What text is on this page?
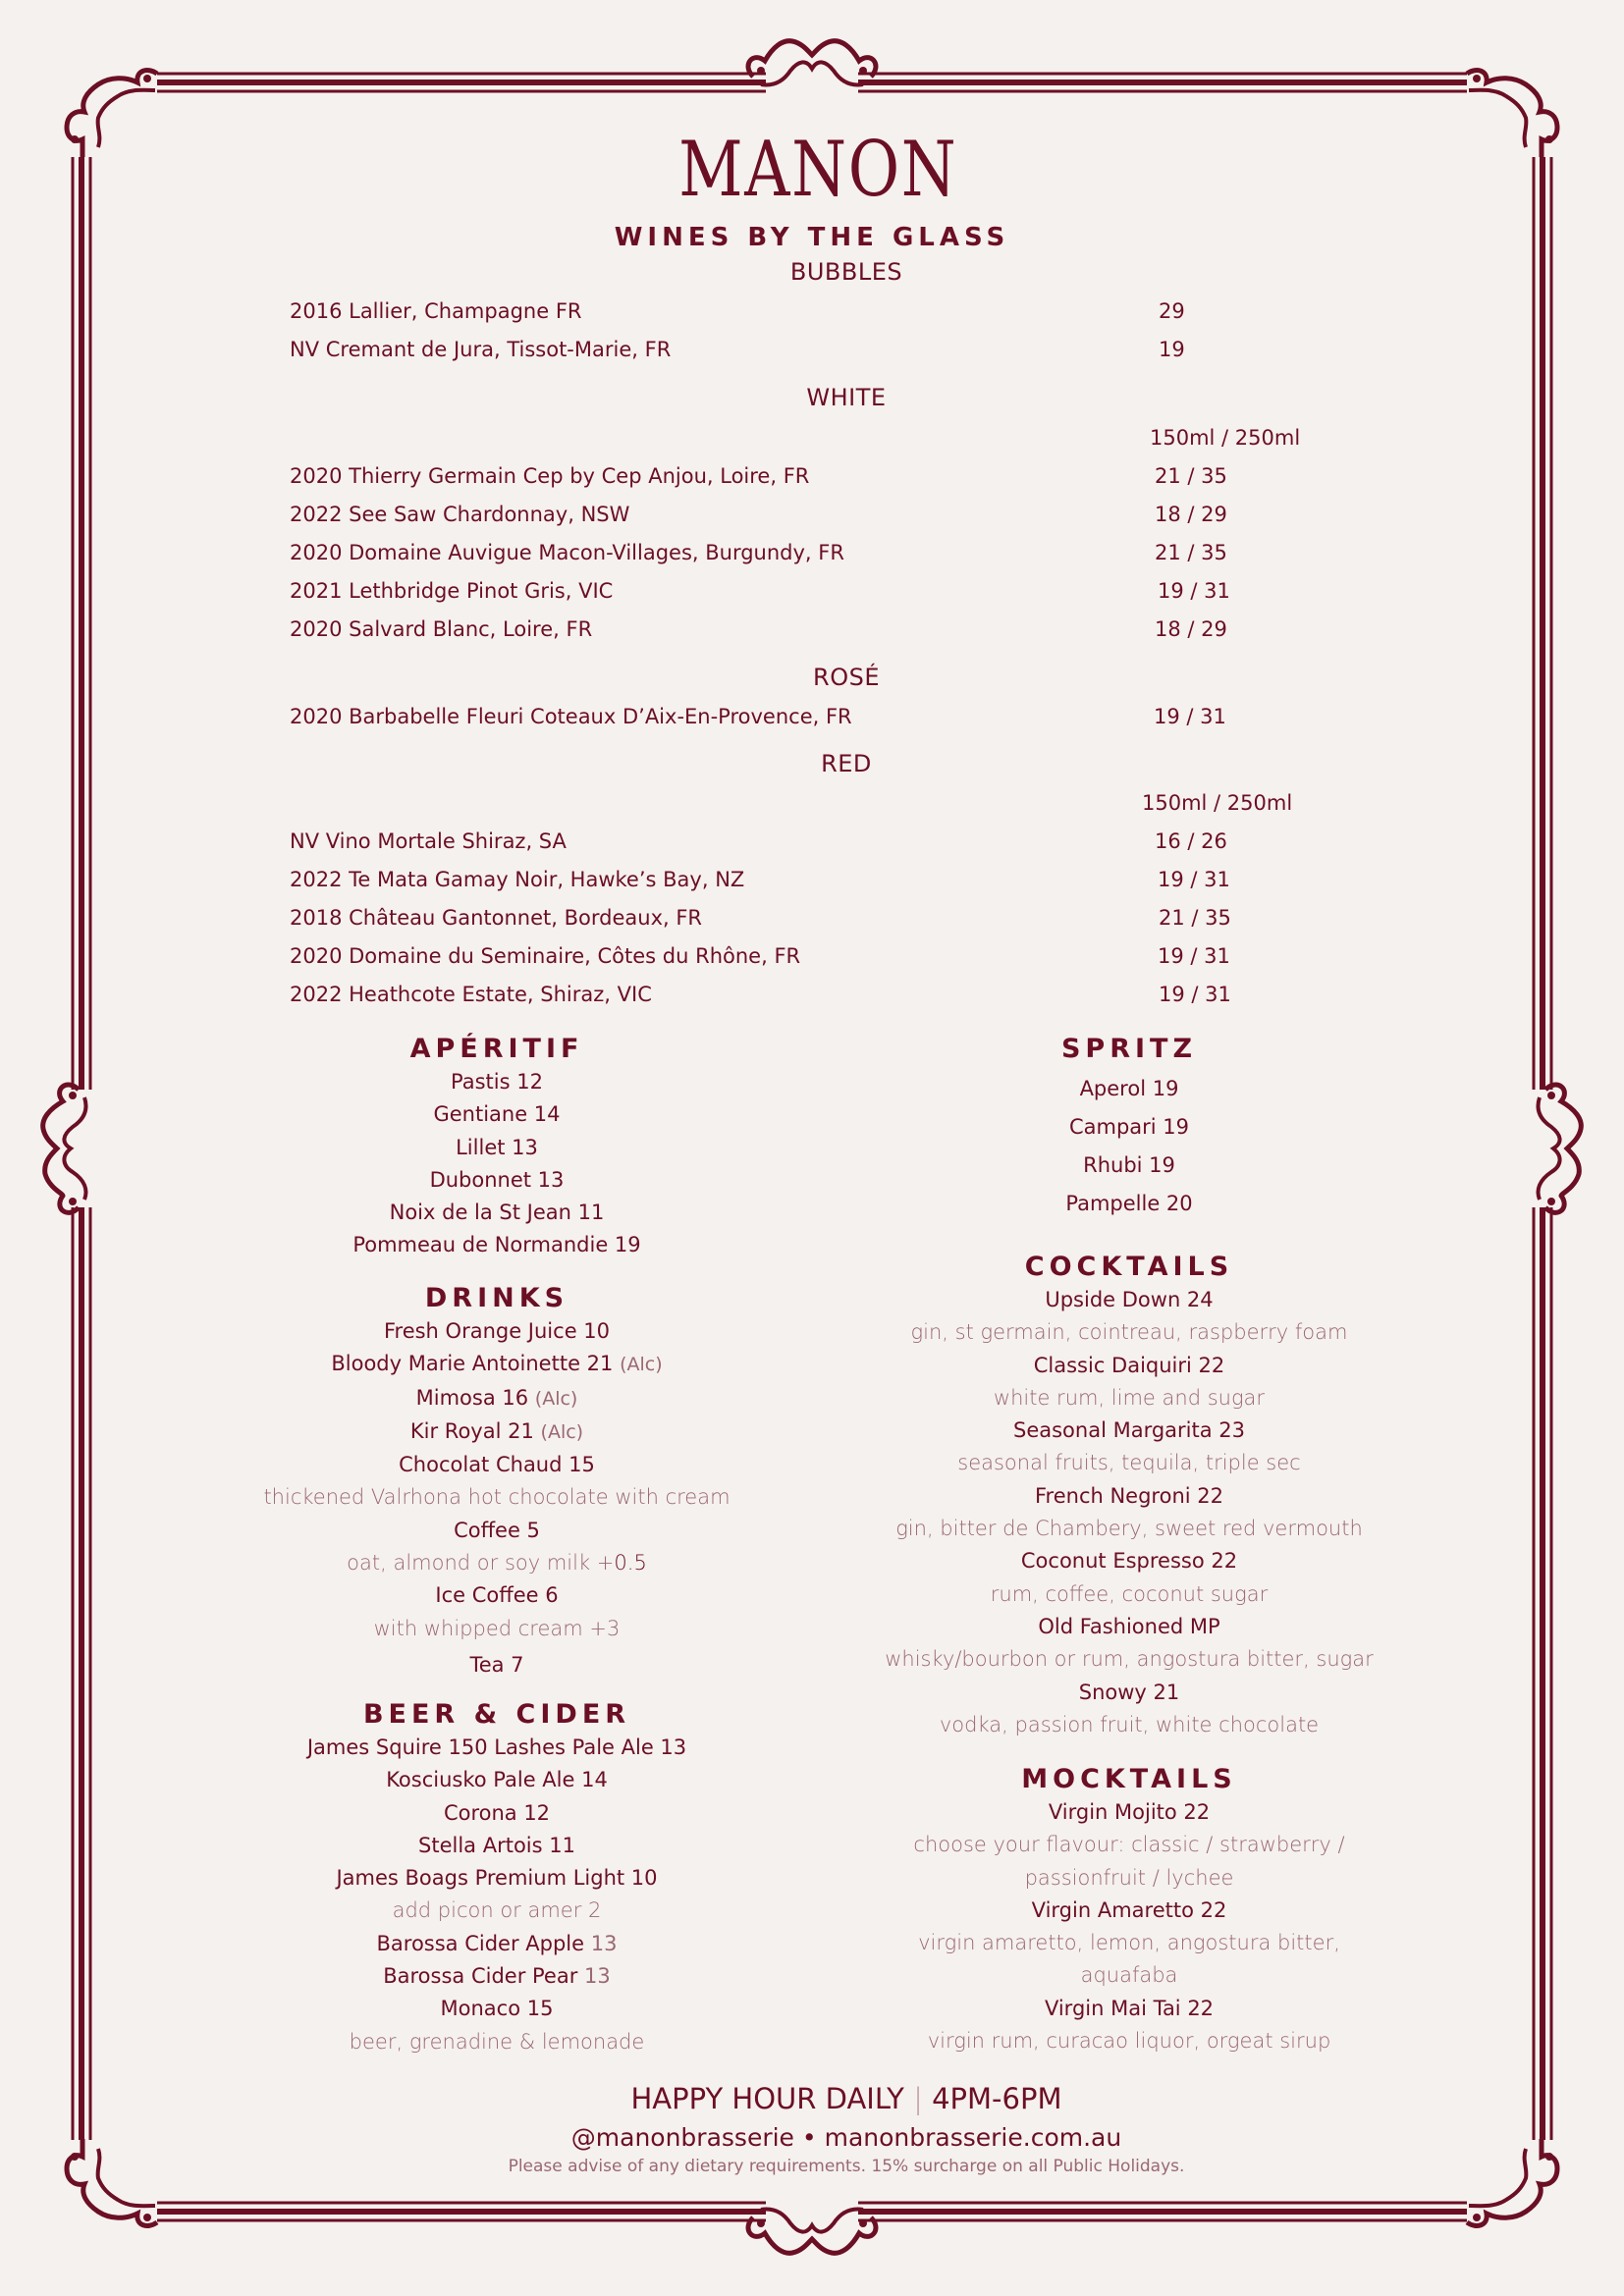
MANON
WINES BY THE GLASS
BUBBLES
2016 Lallier, Champagne FR	29
NV Cremant de Jura, Tissot-Marie, FR	19
WHITE
150ml / 250ml
2020 Thierry Germain Cep by Cep Anjou, Loire, FR	21 / 35
2022 See Saw Chardonnay, NSW	18 / 29
2020 Domaine Auvigue Macon-Villages, Burgundy, FR	21 / 35
2021 Lethbridge Pinot Gris, VIC	19 / 31
2020 Salvard Blanc, Loire, FR	18 / 29
ROSÉ
2020 Barbabelle Fleuri Coteaux D’Aix-En-Provence, FR	19 / 31
RED
150ml / 250ml
NV Vino Mortale Shiraz, SA	16 / 26
2022 Te Mata Gamay Noir, Hawke’s Bay, NZ	19 / 31
2018 Château Gantonnet, Bordeaux, FR	21 / 35
2020 Domaine du Seminaire, Côtes du Rhône, FR	19 / 31
2022 Heathcote Estate, Shiraz, VIC	19 / 31
APÉRITIF
Pastis 12
Gentiane 14
Lillet 13
Dubonnet 13
Noix de la St Jean 11
Pommeau de Normandie 19
DRINKS
Fresh Orange Juice 10
Bloody Marie Antoinette 21 (Alc)
Mimosa 16 (Alc)
Kir Royal 21 (Alc)
Chocolat Chaud 15
thickened Valrhona hot chocolate with cream
Coffee 5
oat, almond or soy milk +0.5
Ice Coffee 6
with whipped cream +3
Tea 7
BEER & CIDER
James Squire 150 Lashes Pale Ale 13
Kosciusko Pale Ale 14
Corona 12
Stella Artois 11
James Boags Premium Light 10
add picon or amer 2
Barossa Cider Apple 13
Barossa Cider Pear 13
Monaco 15
beer, grenadine & lemonade
SPRITZ
Aperol 19
Campari 19
Rhubi 19
Pampelle 20
COCKTAILS
Upside Down 24
gin, st germain, cointreau, raspberry foam
Classic Daiquiri 22
white rum, lime and sugar
Seasonal Margarita 23
seasonal fruits, tequila, triple sec
French Negroni 22
gin, bitter de Chambery, sweet red vermouth
Coconut Espresso 22
rum, coffee, coconut sugar
Old Fashioned MP
whisky/bourbon or rum, angostura bitter, sugar
Snowy 21
vodka, passion fruit, white chocolate
MOCKTAILS
Virgin Mojito 22
choose your flavour: classic / strawberry /
passionfruit / lychee
Virgin Amaretto 22
virgin amaretto, lemon, angostura bitter,
aquafaba
Virgin Mai Tai 22
virgin rum, curacao liquor, orgeat sirup
HAPPY HOUR DAILY | 4PM-6PM
@manonbrasserie • manonbrasserie.com.au
Please advise of any dietary requirements. 15% surcharge on all Public Holidays.
